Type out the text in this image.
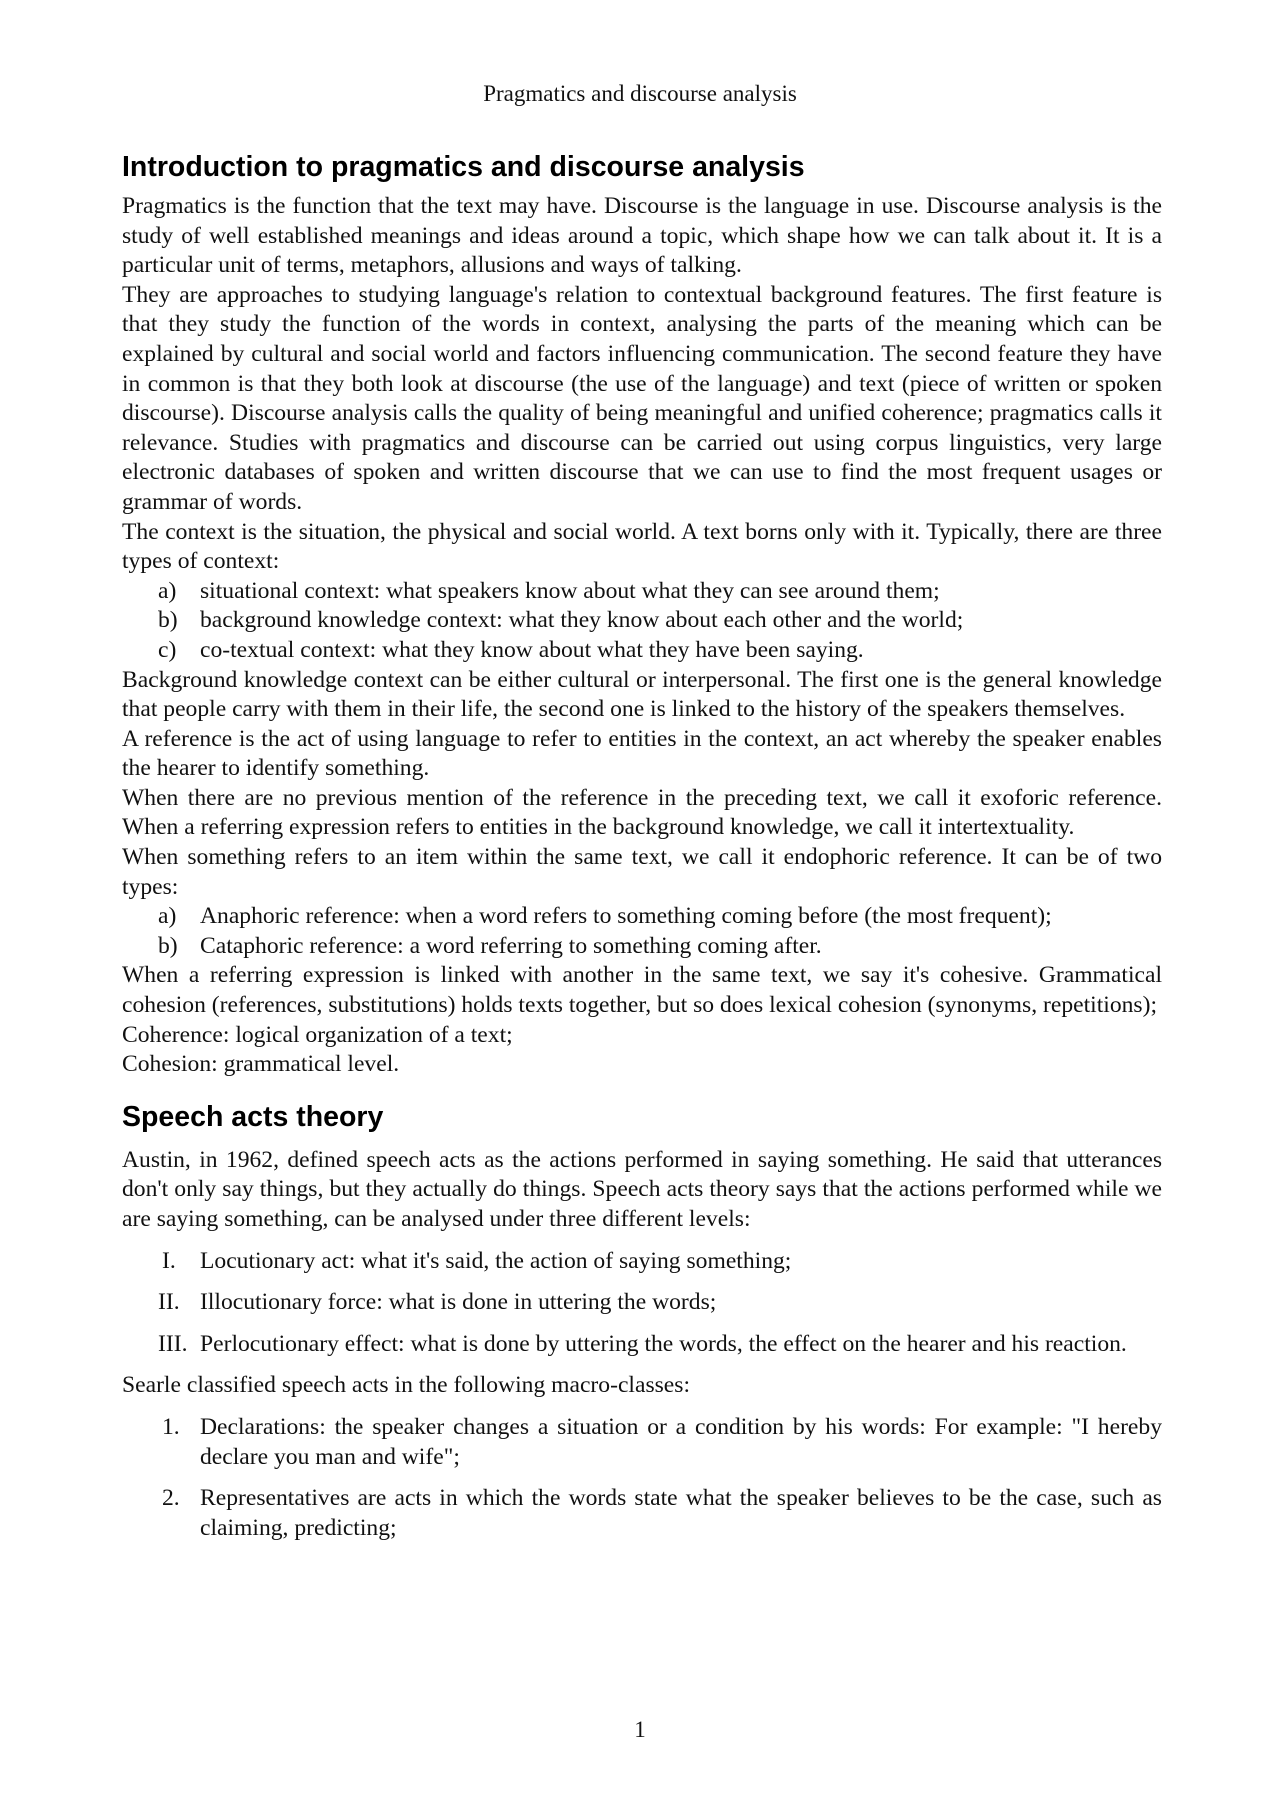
Pragmatics and discourse analysis
Introduction to pragmatics and discourse analysis

Pragmatics is the function that the text may have. Discourse is the language in use. Discourse analysis is the study of well established meanings and ideas around a topic, which shape how we can talk about it. It is a particular unit of terms, metaphors, allusions and ways of talking.

They are approaches to studying language's relation to contextual background features. The first feature is that they study the function of the words in context, analysing the parts of the meaning which can be explained by cultural and social world and factors influencing communication. The second feature they have in common is that they both look at discourse (the use of the language) and text (piece of written or spoken discourse). Discourse analysis calls the quality of being meaningful and unified coherence; pragmatics calls it relevance. Studies with pragmatics and discourse can be carried out using corpus linguistics, very large electronic databases of spoken and written discourse that we can use to find the most frequent usages or grammar of words.

The context is the situation, the physical and social world. A text borns only with it. Typically, there are three types of context:

a)	situational context: what speakers know about what they can see around them;
b) background knowledge context: what they know about each other and the world;
c)	co-textual context: what they know about what they have been saying.

Background knowledge context can be either cultural or interpersonal. The first one is the general knowledge that people carry with them in their life, the second one is linked to the history of the speakers themselves.

A reference is the act of using language to refer to entities in the context, an act whereby the speaker enables the hearer to identify something.

When there are no previous mention of the reference in the preceding text, we call it exoforic reference. When a referring expression refers to entities in the background knowledge, we call it intertextuality.

When something refers to an item within the same text, we call it endophoric reference. It can be of two types:

a)	Anaphoric reference: when a word refers to something coming before (the most frequent);
b) Cataphoric reference: a word referring to something coming after.

When a referring expression is linked with another in the same text, we say it's cohesive. Grammatical cohesion (references, substitutions) holds texts together, but so does lexical cohesion (synonyms, repetitions);

Coherence: logical organization of a text;

Cohesion: grammatical level.

Speech acts theory

Austin, in 1962, defined speech acts as the actions performed in saying something. He said that utterances don't only say things, but they actually do things. Speech acts theory says that the actions performed while we are saying something, can be analysed under three different levels:

I.	Locutionary act: what it's said, the action of saying something;
II. Illocutionary force: what is done in uttering the words;
III. Perlocutionary effect: what is done by uttering the words, the effect on the hearer and his reaction.

Searle classified speech acts in the following macro-classes:

1. Declarations: the speaker changes a situation or a condition by his words: For example: "I hereby declare you man and wife";
2. Representatives are acts in which the words state what the speaker believes to be the case, such as claiming, predicting;
1
